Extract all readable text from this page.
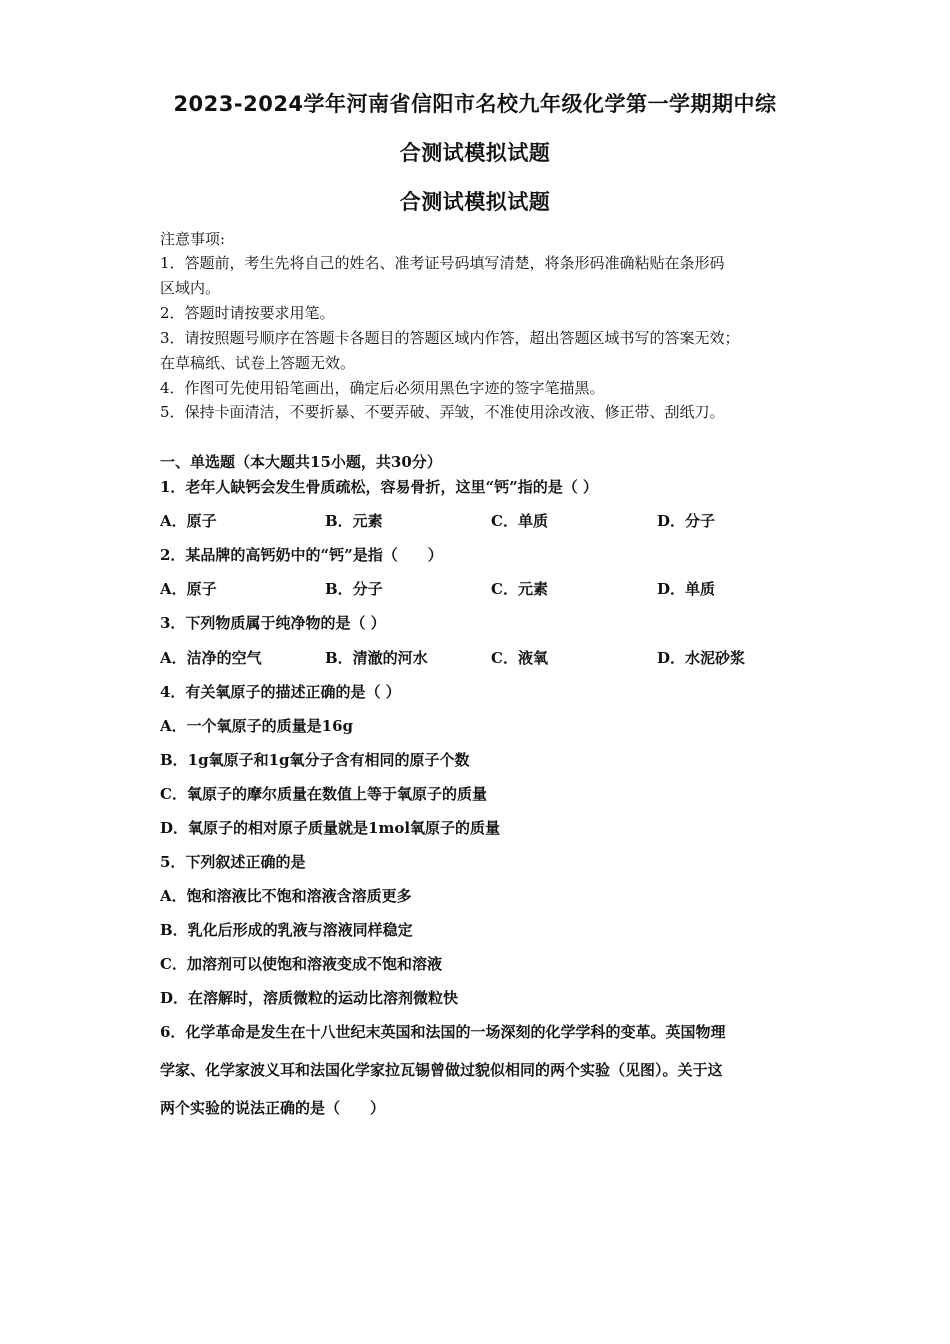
2023-2024学年河南省信阳市名校九年级化学第一学期期中综
合测试模拟试题
合测试模拟试题
注意事项:
1．答题前，考生先将自己的姓名、准考证号码填写清楚，将条形码准确粘贴在条形码
区域内。
2．答题时请按要求用笔。
3．请按照题号顺序在答题卡各题目的答题区域内作答，超出答题区域书写的答案无效；
在草稿纸、试卷上答题无效。
4．作图可先使用铅笔画出，确定后必须用黑色字迹的签字笔描黑。
5．保持卡面清洁，不要折暴、不要弄破、弄皱，不准使用涂改液、修正带、刮纸刀。
一、单选题（本大题共15小题，共30分）
1．老年人缺钙会发生骨质疏松，容易骨折，这里“钙”指的是（ ）
A．原子	B．元素	C．单质	D．分子
2．某品牌的高钙奶中的“钙”是指（　　）
A．原子	B．分子	C．元素	D．单质
3．下列物质属于纯净物的是（ ）
A．洁净的空气	B．清澈的河水	C．液氧	D．水泥砂浆
4．有关氧原子的描述正确的是（ ）
A．一个氧原子的质量是16g
B．1g氧原子和1g氧分子含有相同的原子个数
C．氧原子的摩尔质量在数值上等于氧原子的质量
D．氧原子的相对原子质量就是1mol氧原子的质量
5．下列叙述正确的是
A．饱和溶液比不饱和溶液含溶质更多
B．乳化后形成的乳液与溶液同样稳定
C．加溶剂可以使饱和溶液变成不饱和溶液
D．在溶解时，溶质微粒的运动比溶剂微粒快
6．化学革命是发生在十八世纪末英国和法国的一场深刻的化学学科的变革。英国物理
学家、化学家波义耳和法国化学家拉瓦锡曾做过貌似相同的两个实验（见图）。关于这
两个实验的说法正确的是（　　）
